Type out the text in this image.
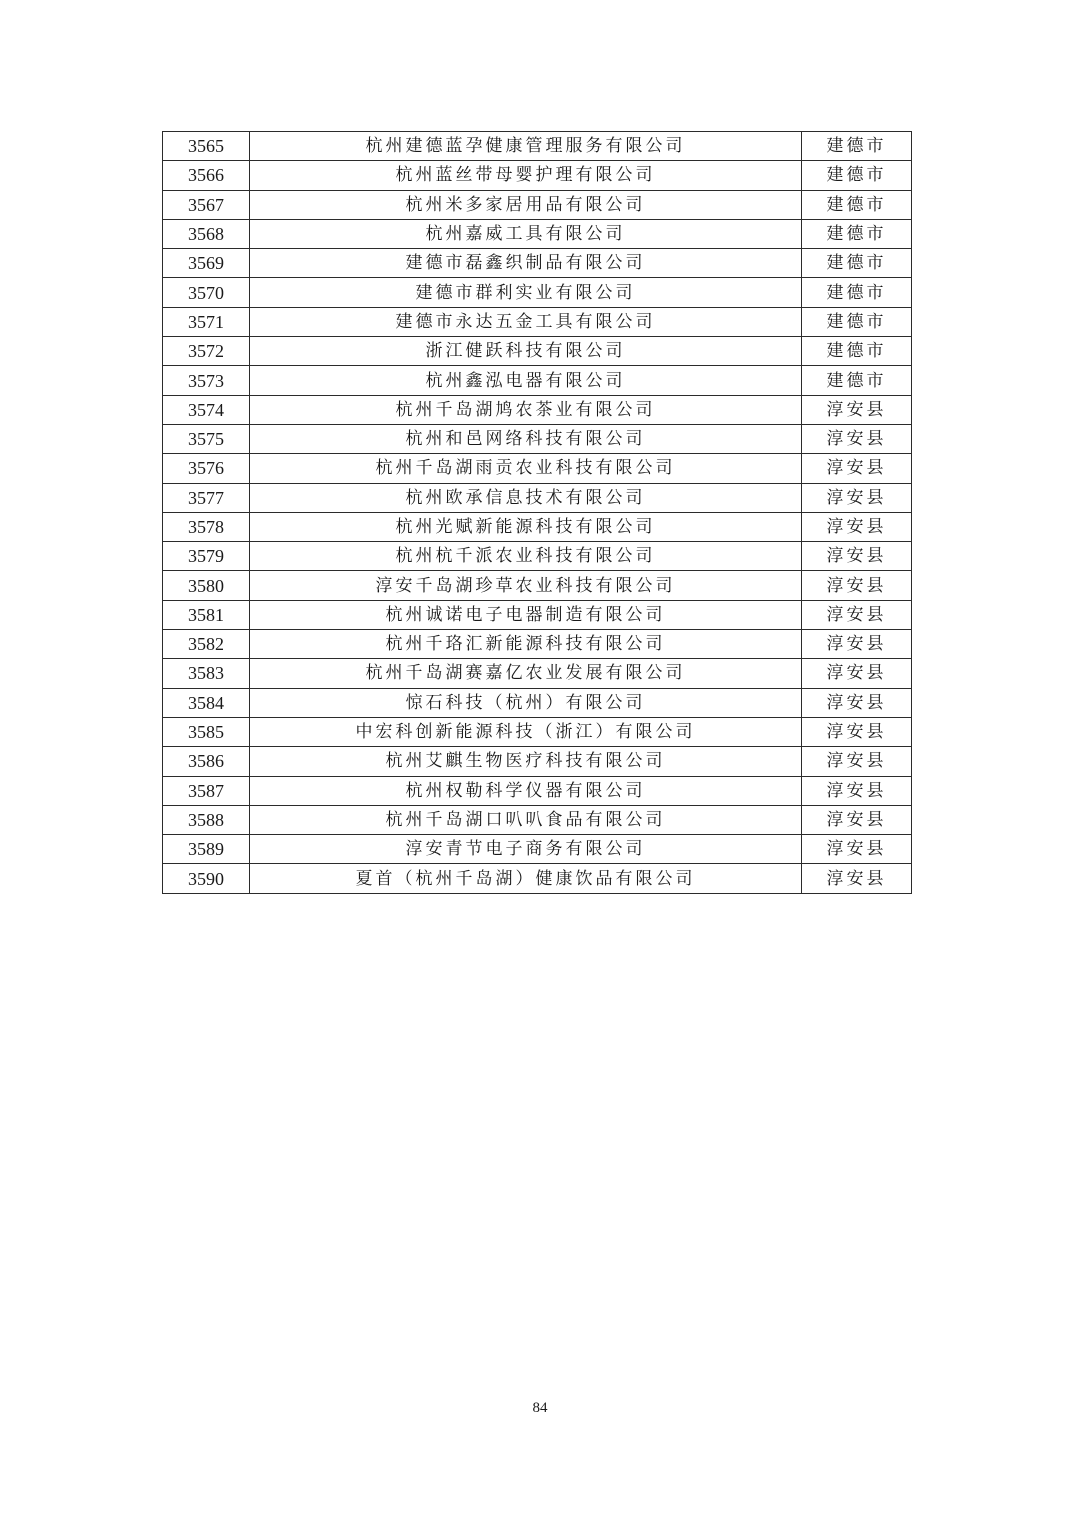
3565	杭州建德蓝孕健康管理服务有限公司	建德市
3566	杭州蓝丝带母婴护理有限公司	建德市
3567	杭州米多家居用品有限公司	建德市
3568	杭州嘉威工具有限公司	建德市
3569	建德市磊鑫织制品有限公司	建德市
3570	建德市群利实业有限公司	建德市
3571	建德市永达五金工具有限公司	建德市
3572	浙江健跃科技有限公司	建德市
3573	杭州鑫泓电器有限公司	建德市
3574	杭州千岛湖鸠农茶业有限公司	淳安县
3575	杭州和邑网络科技有限公司	淳安县
3576	杭州千岛湖雨贡农业科技有限公司	淳安县
3577	杭州欧承信息技术有限公司	淳安县
3578	杭州光赋新能源科技有限公司	淳安县
3579	杭州杭千派农业科技有限公司	淳安县
3580	淳安千岛湖珍草农业科技有限公司	淳安县
3581	杭州诚诺电子电器制造有限公司	淳安县
3582	杭州千珞汇新能源科技有限公司	淳安县
3583	杭州千岛湖赛嘉亿农业发展有限公司	淳安县
3584	惊石科技（杭州）有限公司	淳安县
3585	中宏科创新能源科技（浙江）有限公司	淳安县
3586	杭州艾麒生物医疗科技有限公司	淳安县
3587	杭州权勒科学仪器有限公司	淳安县
3588	杭州千岛湖口叭叭食品有限公司	淳安县
3589	淳安青节电子商务有限公司	淳安县
3590	夏首（杭州千岛湖）健康饮品有限公司	淳安县
84
